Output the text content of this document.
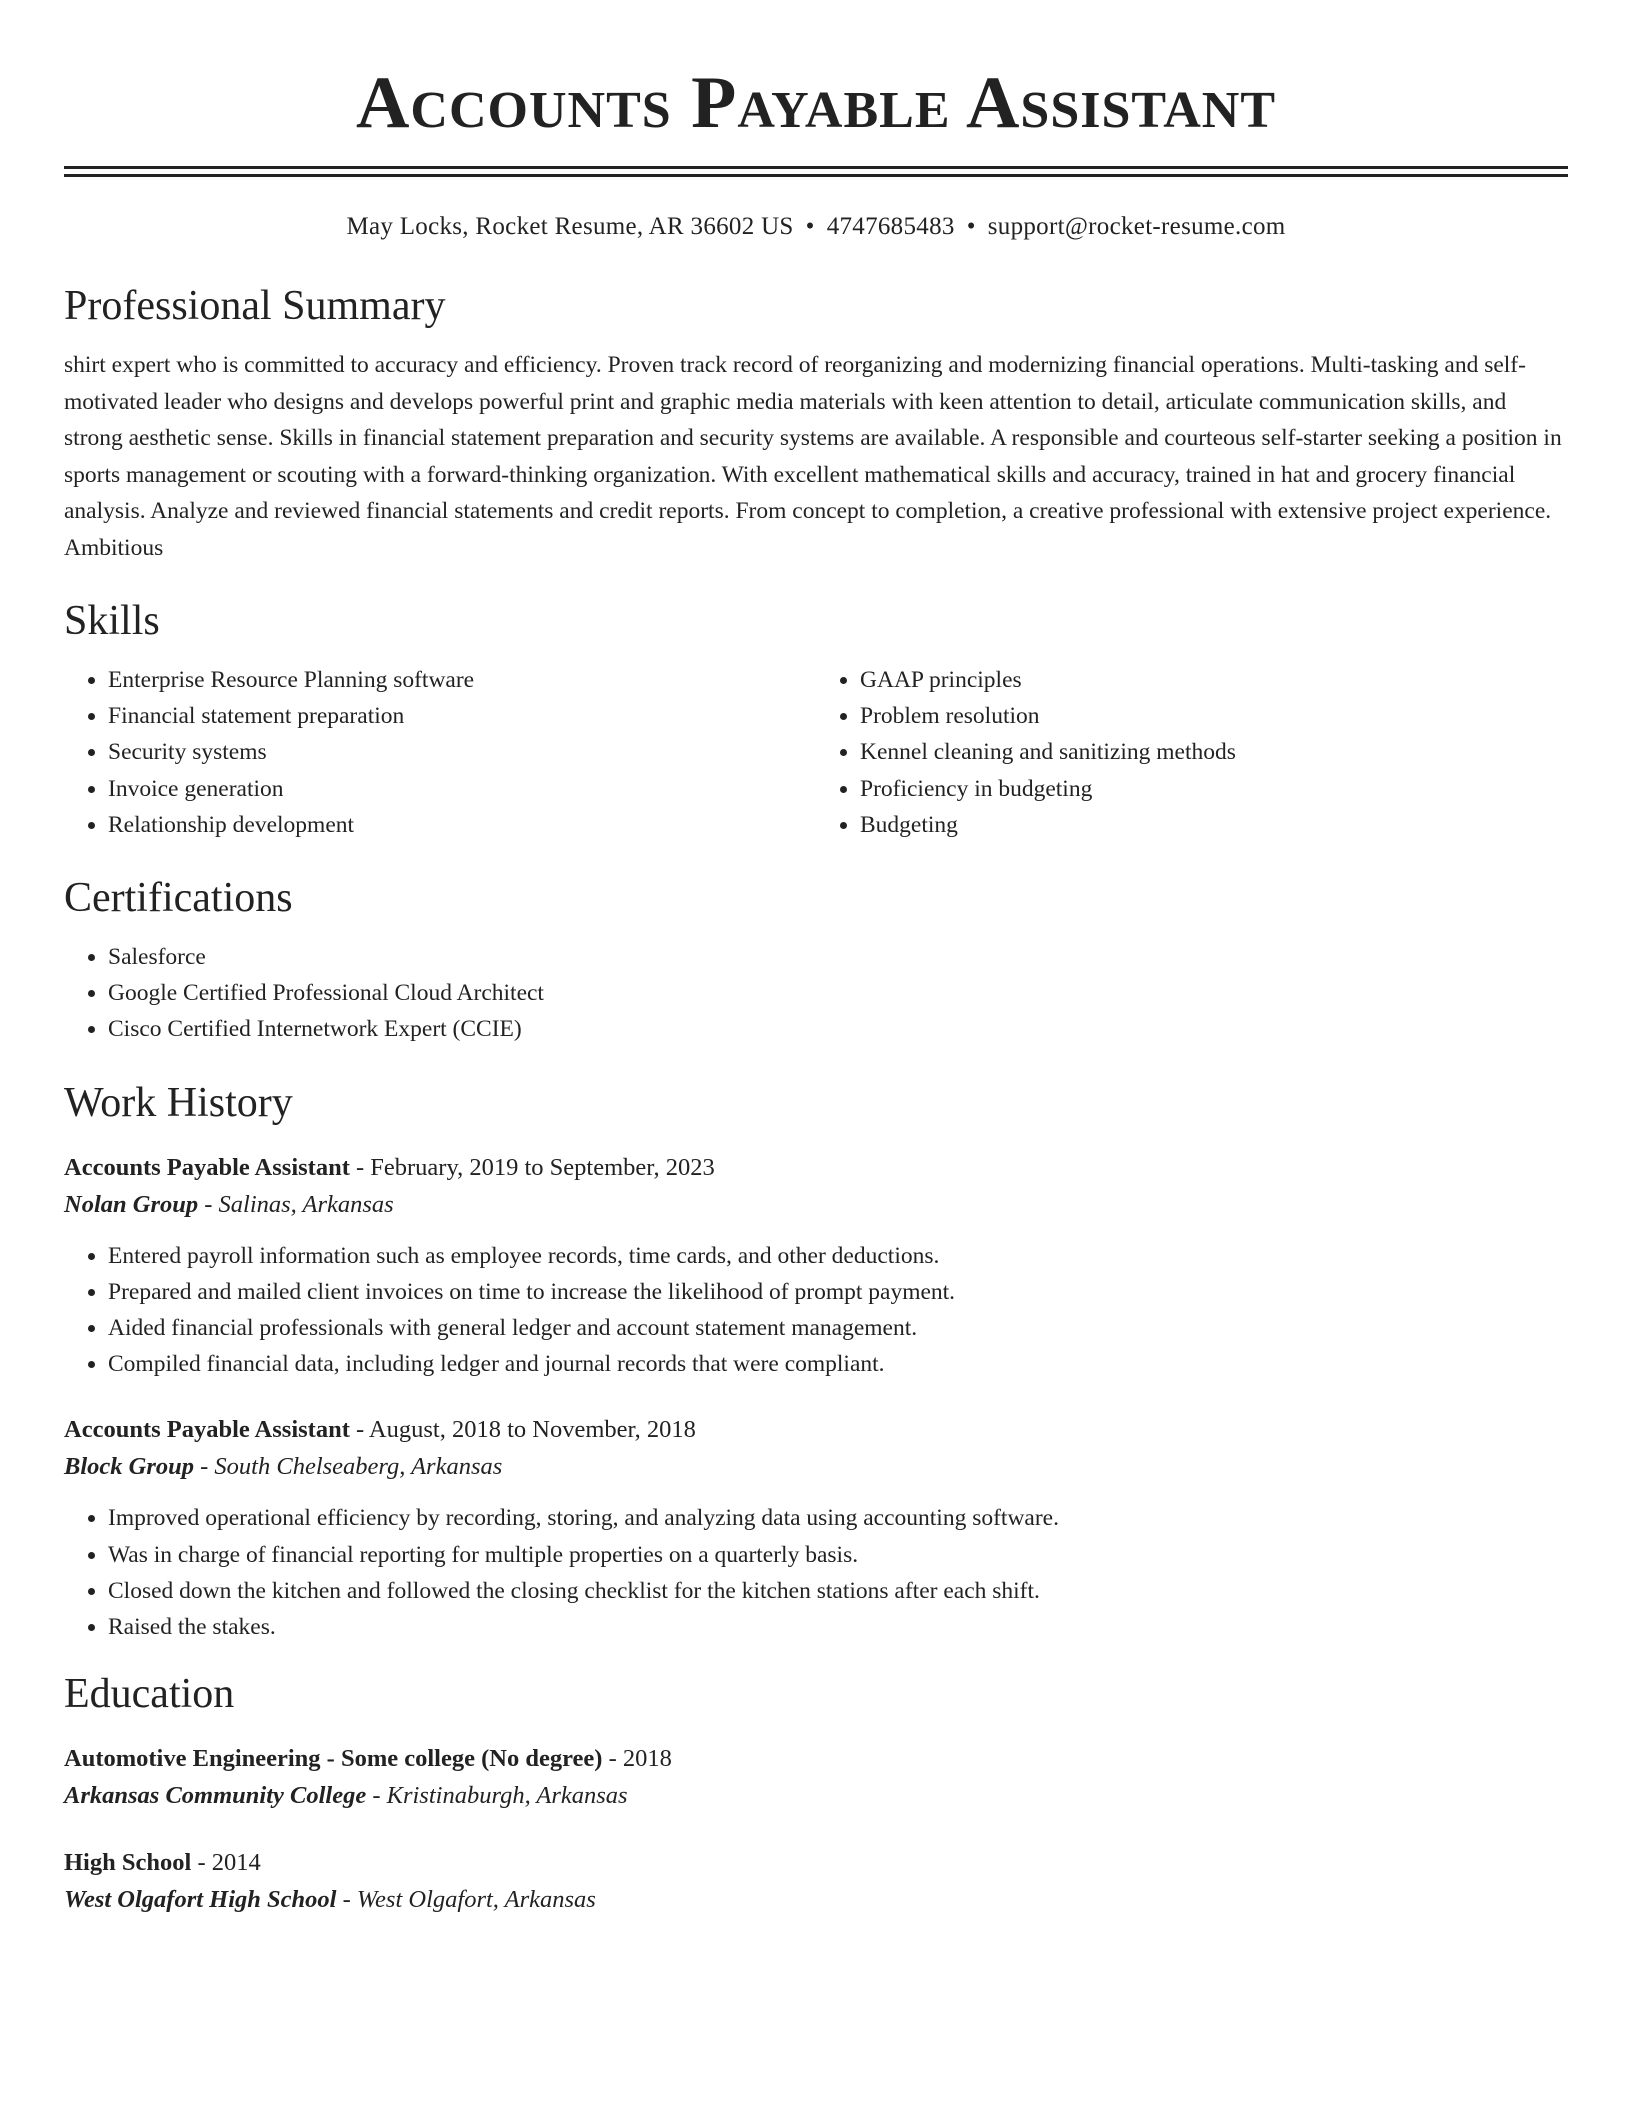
Accounts Payable Assistant
May Locks, Rocket Resume, AR 36602 US • 4747685483 • support@rocket-resume.com
Professional Summary
shirt expert who is committed to accuracy and efficiency. Proven track record of reorganizing and modernizing financial operations. Multi-tasking and self-motivated leader who designs and develops powerful print and graphic media materials with keen attention to detail, articulate communication skills, and strong aesthetic sense. Skills in financial statement preparation and security systems are available. A responsible and courteous self-starter seeking a position in sports management or scouting with a forward-thinking organization. With excellent mathematical skills and accuracy, trained in hat and grocery financial analysis. Analyze and reviewed financial statements and credit reports. From concept to completion, a creative professional with extensive project experience. Ambitious
Skills
• Enterprise Resource Planning software
• Financial statement preparation
• Security systems
• Invoice generation
• Relationship development
• GAAP principles
• Problem resolution
• Kennel cleaning and sanitizing methods
• Proficiency in budgeting
• Budgeting
Certifications
• Salesforce
• Google Certified Professional Cloud Architect
• Cisco Certified Internetwork Expert (CCIE)
Work History
Accounts Payable Assistant - February, 2019 to September, 2023
Nolan Group - Salinas, Arkansas
• Entered payroll information such as employee records, time cards, and other deductions.
• Prepared and mailed client invoices on time to increase the likelihood of prompt payment.
• Aided financial professionals with general ledger and account statement management.
• Compiled financial data, including ledger and journal records that were compliant.
Accounts Payable Assistant - August, 2018 to November, 2018
Block Group - South Chelseaberg, Arkansas
• Improved operational efficiency by recording, storing, and analyzing data using accounting software.
• Was in charge of financial reporting for multiple properties on a quarterly basis.
• Closed down the kitchen and followed the closing checklist for the kitchen stations after each shift.
• Raised the stakes.
Education
Automotive Engineering - Some college (No degree) - 2018
Arkansas Community College - Kristinaburgh, Arkansas
High School - 2014
West Olgafort High School - West Olgafort, Arkansas
